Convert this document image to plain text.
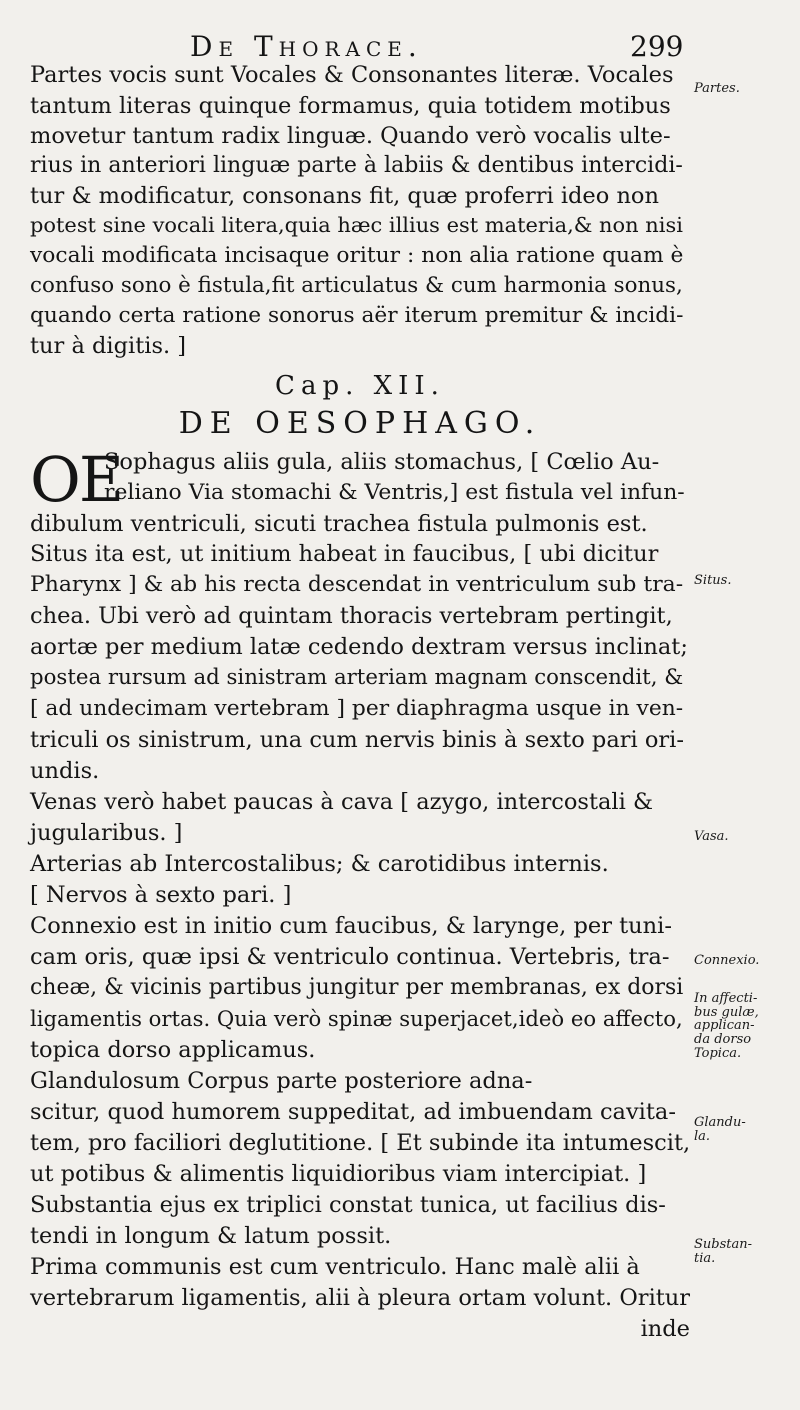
De Thorace.	299
Partes vocis sunt Vocales & Consonantes literæ. Vocales
tantum literas quinque formamus, quia totidem motibus
movetur tantum radix linguæ. Quando verò vocalis ulte-
rius in anteriori linguæ parte à labiis & dentibus intercidi-
tur & modificatur, consonans fit, quæ proferri ideo non
potest sine vocali litera,quia hæc illius est materia,& non nisi
vocali modificata incisaque oritur : non alia ratione quam è
confuso sono è fistula,fit articulatus & cum harmonia sonus,
quando certa ratione sonorus aër iterum premitur & incidi-
tur à digitis. ]
Cap. XII.
DE OESOPHAGO.
OE
Sophagus aliis gula, aliis stomachus, [ Cœlio Au-
reliano Via stomachi & Ventris,] est fistula vel infun-
dibulum ventriculi, sicuti trachea fistula pulmonis est.
Situs ita est, ut initium habeat in faucibus, [ ubi dicitur
Pharynx ] & ab his recta descendat in ventriculum sub tra-
chea. Ubi verò ad quintam thoracis vertebram pertingit,
aortæ per medium latæ cedendo dextram versus inclinat;
postea rursum ad sinistram arteriam magnam conscendit, &
[ ad undecimam vertebram ] per diaphragma usque in ven-
triculi os sinistrum, una cum nervis binis à sexto pari ori-
undis.
Venas verò habet paucas à cava [ azygo, intercostali &
jugularibus. ]
Arterias ab Intercostalibus; & carotidibus internis.
[ Nervos à sexto pari. ]
Connexio est in initio cum faucibus, & larynge, per tuni-
cam oris, quæ ipsi & ventriculo continua. Vertebris, tra-
cheæ, & vicinis partibus jungitur per membranas, ex dorsi
ligamentis ortas. Quia verò spinæ superjacet,ideò eo affecto,
topica dorso applicamus.
Glandulosum Corpus parte posteriore adna-
scitur, quod humorem suppeditat, ad imbuendam cavita-
tem, pro faciliori deglutitione. [ Et subinde ita intumescit,
ut potibus & alimentis liquidioribus viam intercipiat. ]
Substantia ejus ex triplici constat tunica, ut facilius dis-
tendi in longum & latum possit.
Prima communis est cum ventriculo. Hanc malè alii à
vertebrarum ligamentis, alii à pleura ortam volunt. Oritur
inde
Partes.
Situs.
Vasa.
Connexio.
In affecti-bus gulæ, applican-da dorso Topica.
Glandu-la.
Substan-tia.
